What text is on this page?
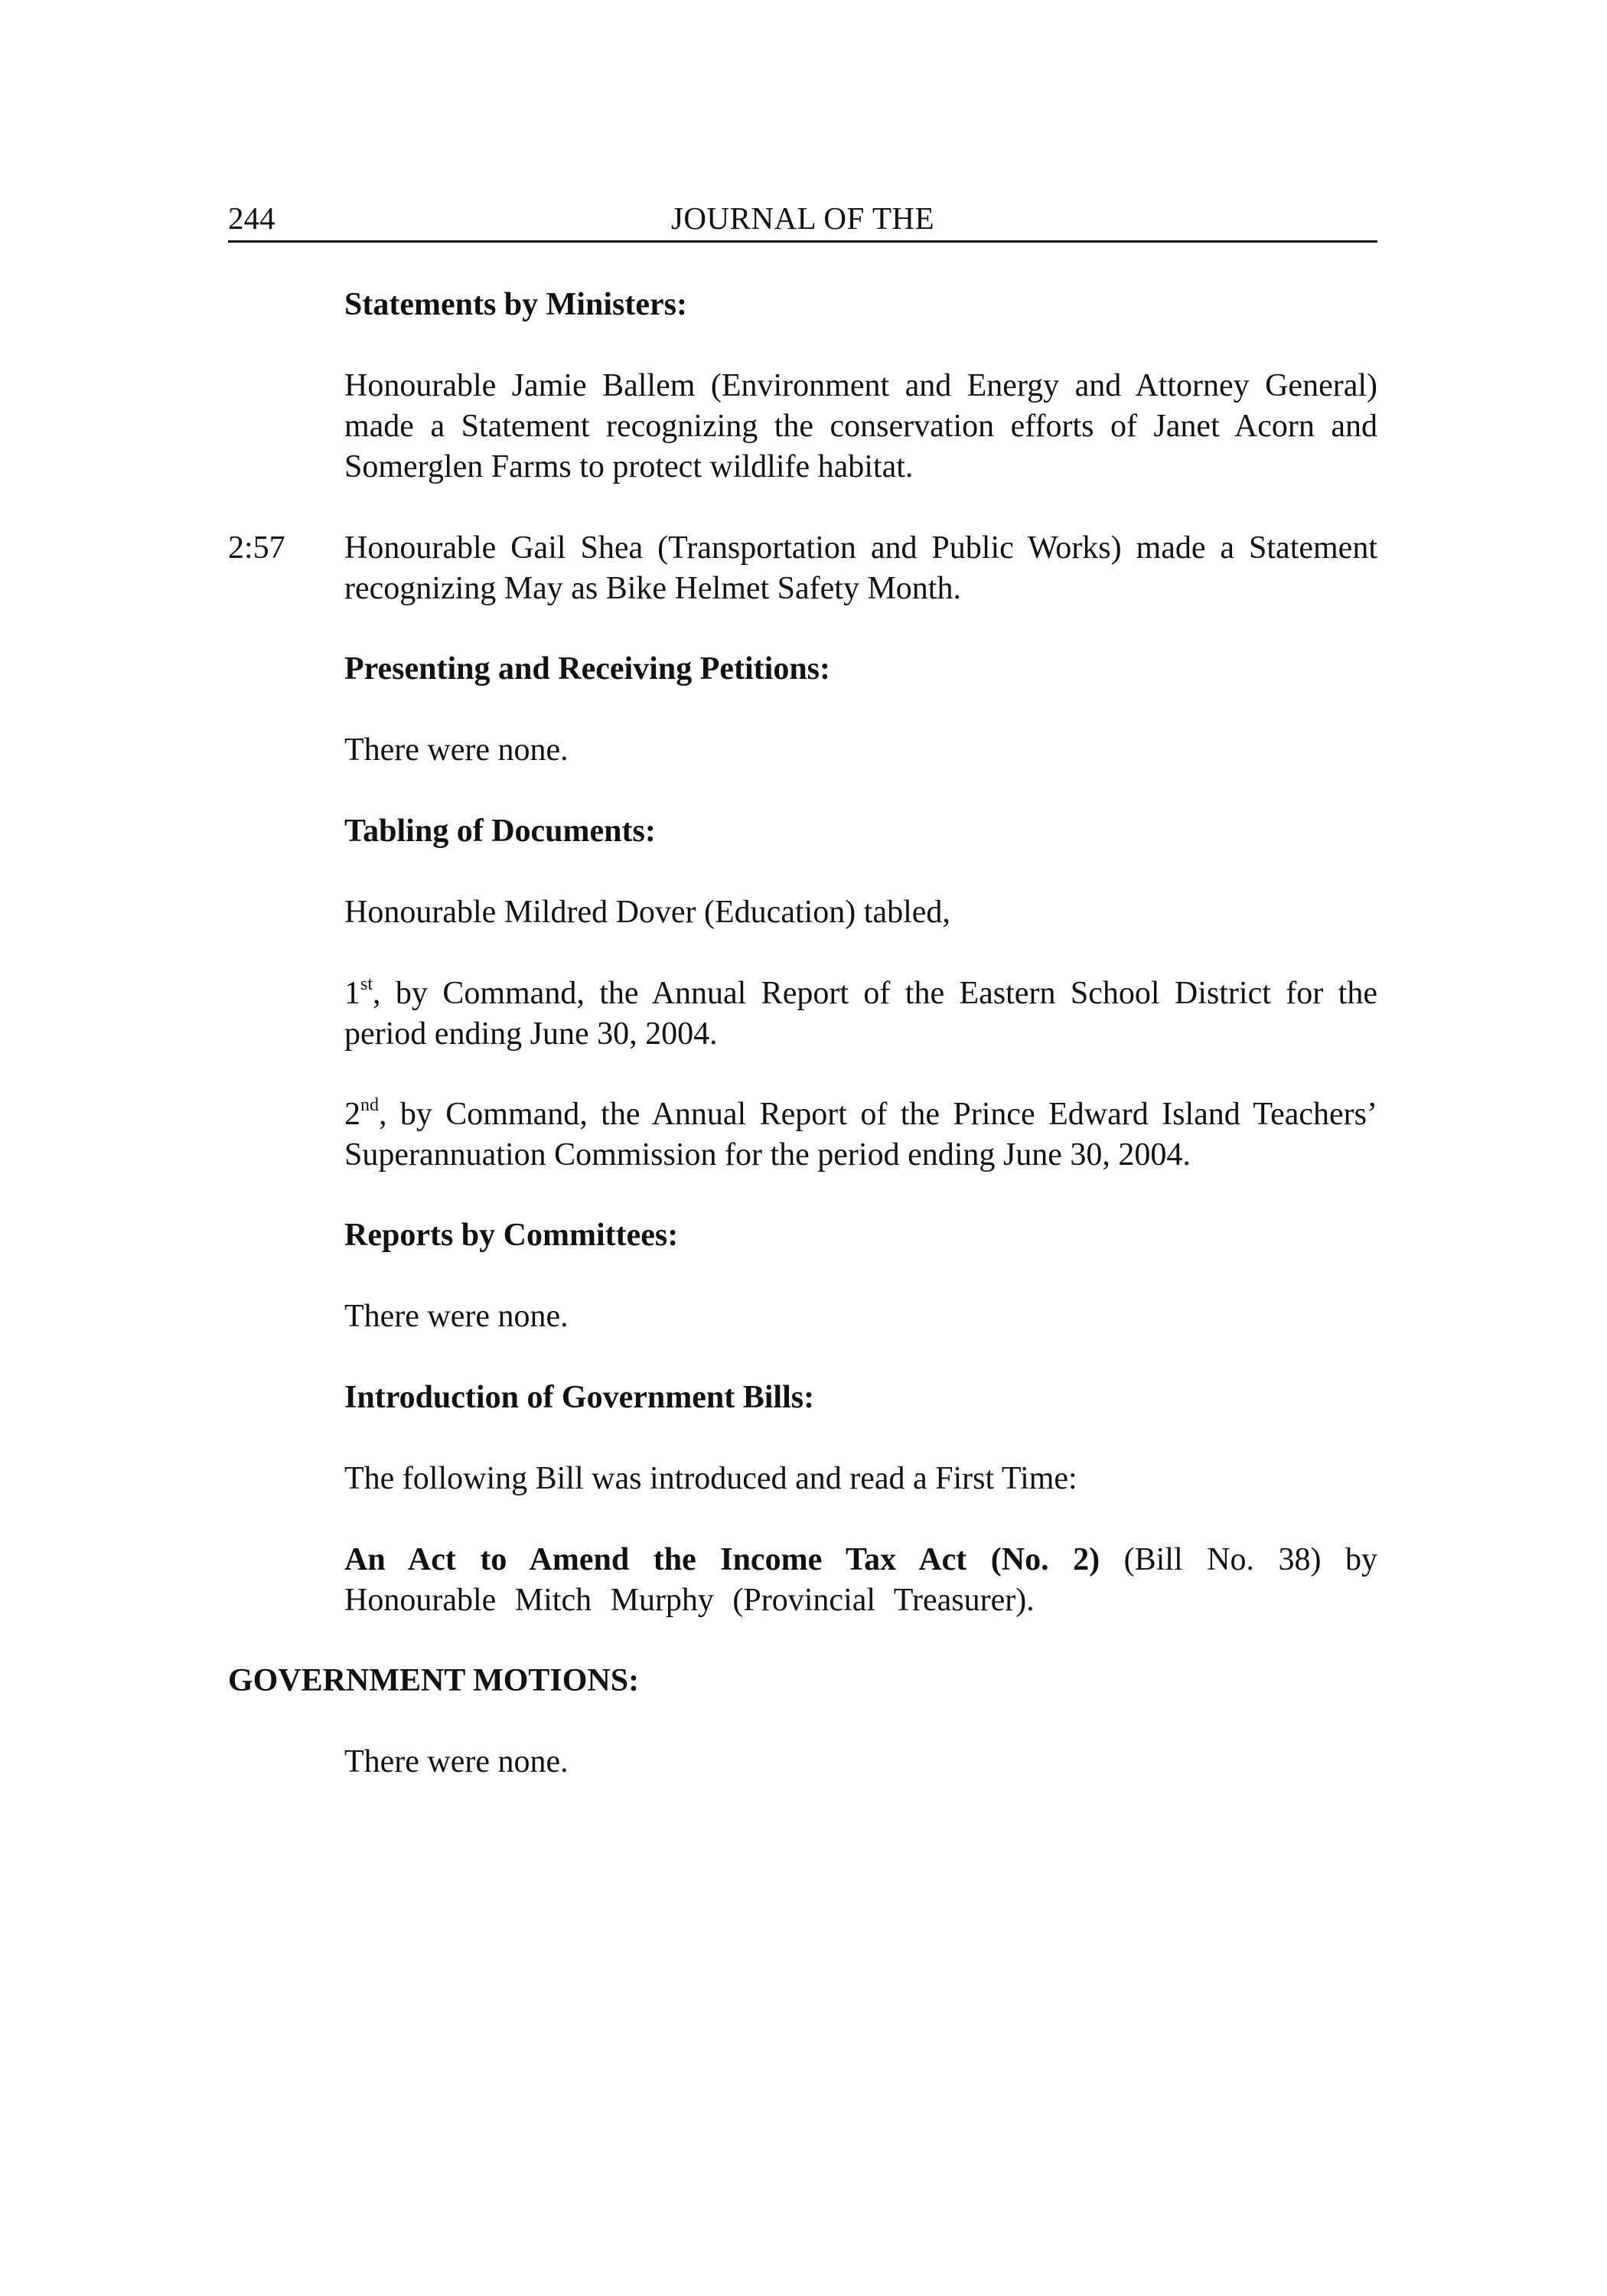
244	JOURNAL OF THE

Statements by Ministers:

Honourable Jamie Ballem (Environment and Energy and Attorney General) made a Statement recognizing the conservation efforts of Janet Acorn and Somerglen Farms to protect wildlife habitat.

2:57 Honourable Gail Shea (Transportation and Public Works) made a Statement recognizing May as Bike Helmet Safety Month.

Presenting and Receiving Petitions:

There were none.

Tabling of Documents:

Honourable Mildred Dover (Education) tabled,

1st, by Command, the Annual Report of the Eastern School District for the period ending June 30, 2004.

2nd, by Command, the Annual Report of the Prince Edward Island Teachers’ Superannuation Commission for the period ending June 30, 2004.

Reports by Committees:

There were none.

Introduction of Government Bills:

The following Bill was introduced and read a First Time:

An Act to Amend the Income Tax Act (No. 2) (Bill No. 38) by Honourable Mitch Murphy (Provincial Treasurer).

GOVERNMENT MOTIONS:

There were none.
